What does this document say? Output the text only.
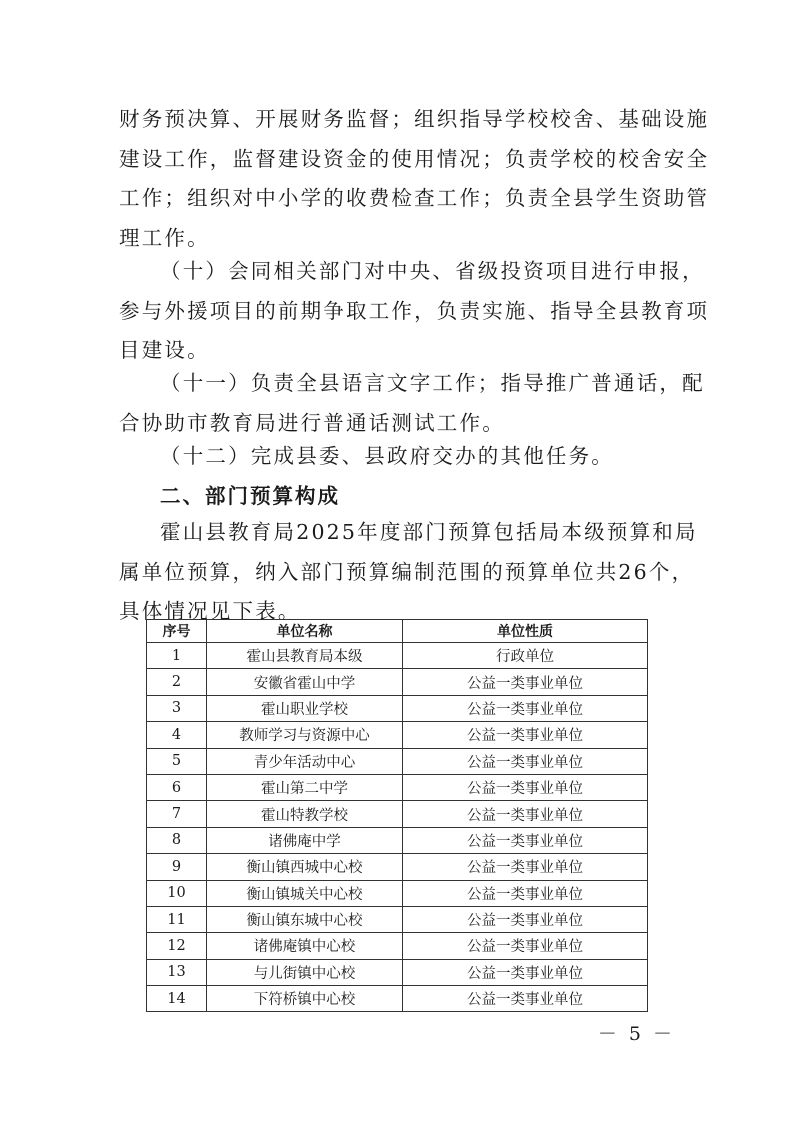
财务预决算、开展财务监督；组织指导学校校舍、基础设施
建设工作，监督建设资金的使用情况；负责学校的校舍安全
工作；组织对中小学的收费检查工作；负责全县学生资助管
理工作。
（十）会同相关部门对中央、省级投资项目进行申报，
参与外援项目的前期争取工作，负责实施、指导全县教育项
目建设。
（十一）负责全县语言文字工作；指导推广普通话，配
合协助市教育局进行普通话测试工作。
（十二）完成县委、县政府交办的其他任务。
二、部门预算构成
霍山县教育局2025年度部门预算包括局本级预算和局
属单位预算，纳入部门预算编制范围的预算单位共26个，
具体情况见下表。
序号	单位名称	单位性质
1	霍山县教育局本级	行政单位
2	安徽省霍山中学	公益一类事业单位
3	霍山职业学校	公益一类事业单位
4	教师学习与资源中心	公益一类事业单位
5	青少年活动中心	公益一类事业单位
6	霍山第二中学	公益一类事业单位
7	霍山特教学校	公益一类事业单位
8	诸佛庵中学	公益一类事业单位
9	衡山镇西城中心校	公益一类事业单位
10	衡山镇城关中心校	公益一类事业单位
11	衡山镇东城中心校	公益一类事业单位
12	诸佛庵镇中心校	公益一类事业单位
13	与儿街镇中心校	公益一类事业单位
14	下符桥镇中心校	公益一类事业单位
－ 5 －
